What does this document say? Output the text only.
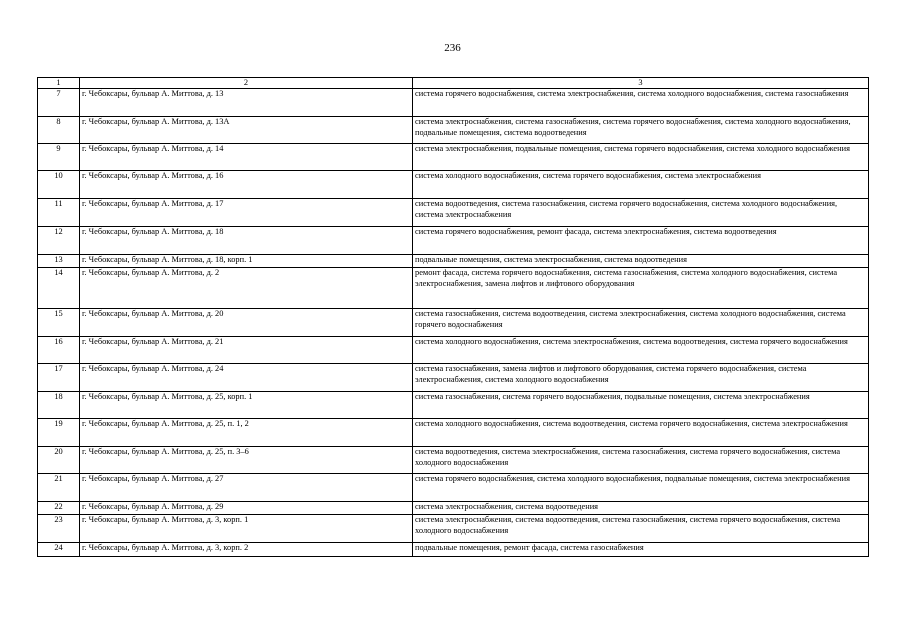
236
1	2	3
7	г. Чебоксары, бульвар А. Миттова, д. 13	система горячего водоснабжения, система электроснабжения, система холодного водоснабжения, система газоснабжения
8	г. Чебоксары, бульвар А. Миттова, д. 13А	система электроснабжения, система газоснабжения, система горячего водоснабжения, система холодного водоснабжения, подвальные помещения, система водоотведения
9	г. Чебоксары, бульвар А. Миттова, д. 14	система электроснабжения, подвальные помещения, система горячего водоснабжения, система холодного водоснабжения
10	г. Чебоксары, бульвар А. Миттова, д. 16	система холодного водоснабжения, система горячего водоснабжения, система электроснабжения
11	г. Чебоксары, бульвар А. Миттова, д. 17	система водоотведения, система газоснабжения, система горячего водоснабжения, система холодного водоснабжения, система электроснабжения
12	г. Чебоксары, бульвар А. Миттова, д. 18	система горячего водоснабжения, ремонт фасада, система электроснабжения, система водоотведения
13	г. Чебоксары, бульвар А. Миттова, д. 18, корп. 1	подвальные помещения, система электроснабжения, система водоотведения
14	г. Чебоксары, бульвар А. Миттова, д. 2	ремонт фасада, система горячего водоснабжения, система газоснабжения, система холодного водоснабжения, система электроснабжения, замена лифтов и лифтового оборудования
15	г. Чебоксары, бульвар А. Миттова, д. 20	система газоснабжения, система водоотведения, система электроснабжения, система холодного водоснабжения, система горячего водоснабжения
16	г. Чебоксары, бульвар А. Миттова, д. 21	система холодного водоснабжения, система электроснабжения, система водоотведения, система горячего водоснабжения
17	г. Чебоксары, бульвар А. Миттова, д. 24	система газоснабжения, замена лифтов и лифтового оборудования, система горячего водоснабжения, система электроснабжения, система холодного водоснабжения
18	г. Чебоксары, бульвар А. Миттова, д. 25, корп. 1	система газоснабжения, система горячего водоснабжения, подвальные помещения, система электроснабжения
19	г. Чебоксары, бульвар А. Миттова, д. 25, п. 1, 2	система холодного водоснабжения, система водоотведения, система горячего водоснабжения, система электроснабжения
20	г. Чебоксары, бульвар А. Миттова, д. 25, п. 3–6	система водоотведения, система электроснабжения, система газоснабжения, система горячего водоснабжения, система холодного водоснабжения
21	г. Чебоксары, бульвар А. Миттова, д. 27	система горячего водоснабжения, система холодного водоснабжения, подвальные помещения, система электроснабжения
22	г. Чебоксары, бульвар А. Миттова, д. 29	система электроснабжения, система водоотведения
23	г. Чебоксары, бульвар А. Миттова, д. 3, корп. 1	система электроснабжения, система водоотведения, система газоснабжения, система горячего водоснабжения, система холодного водоснабжения
24	г. Чебоксары, бульвар А. Миттова, д. 3, корп. 2	подвальные помещения, ремонт фасада, система газоснабжения
